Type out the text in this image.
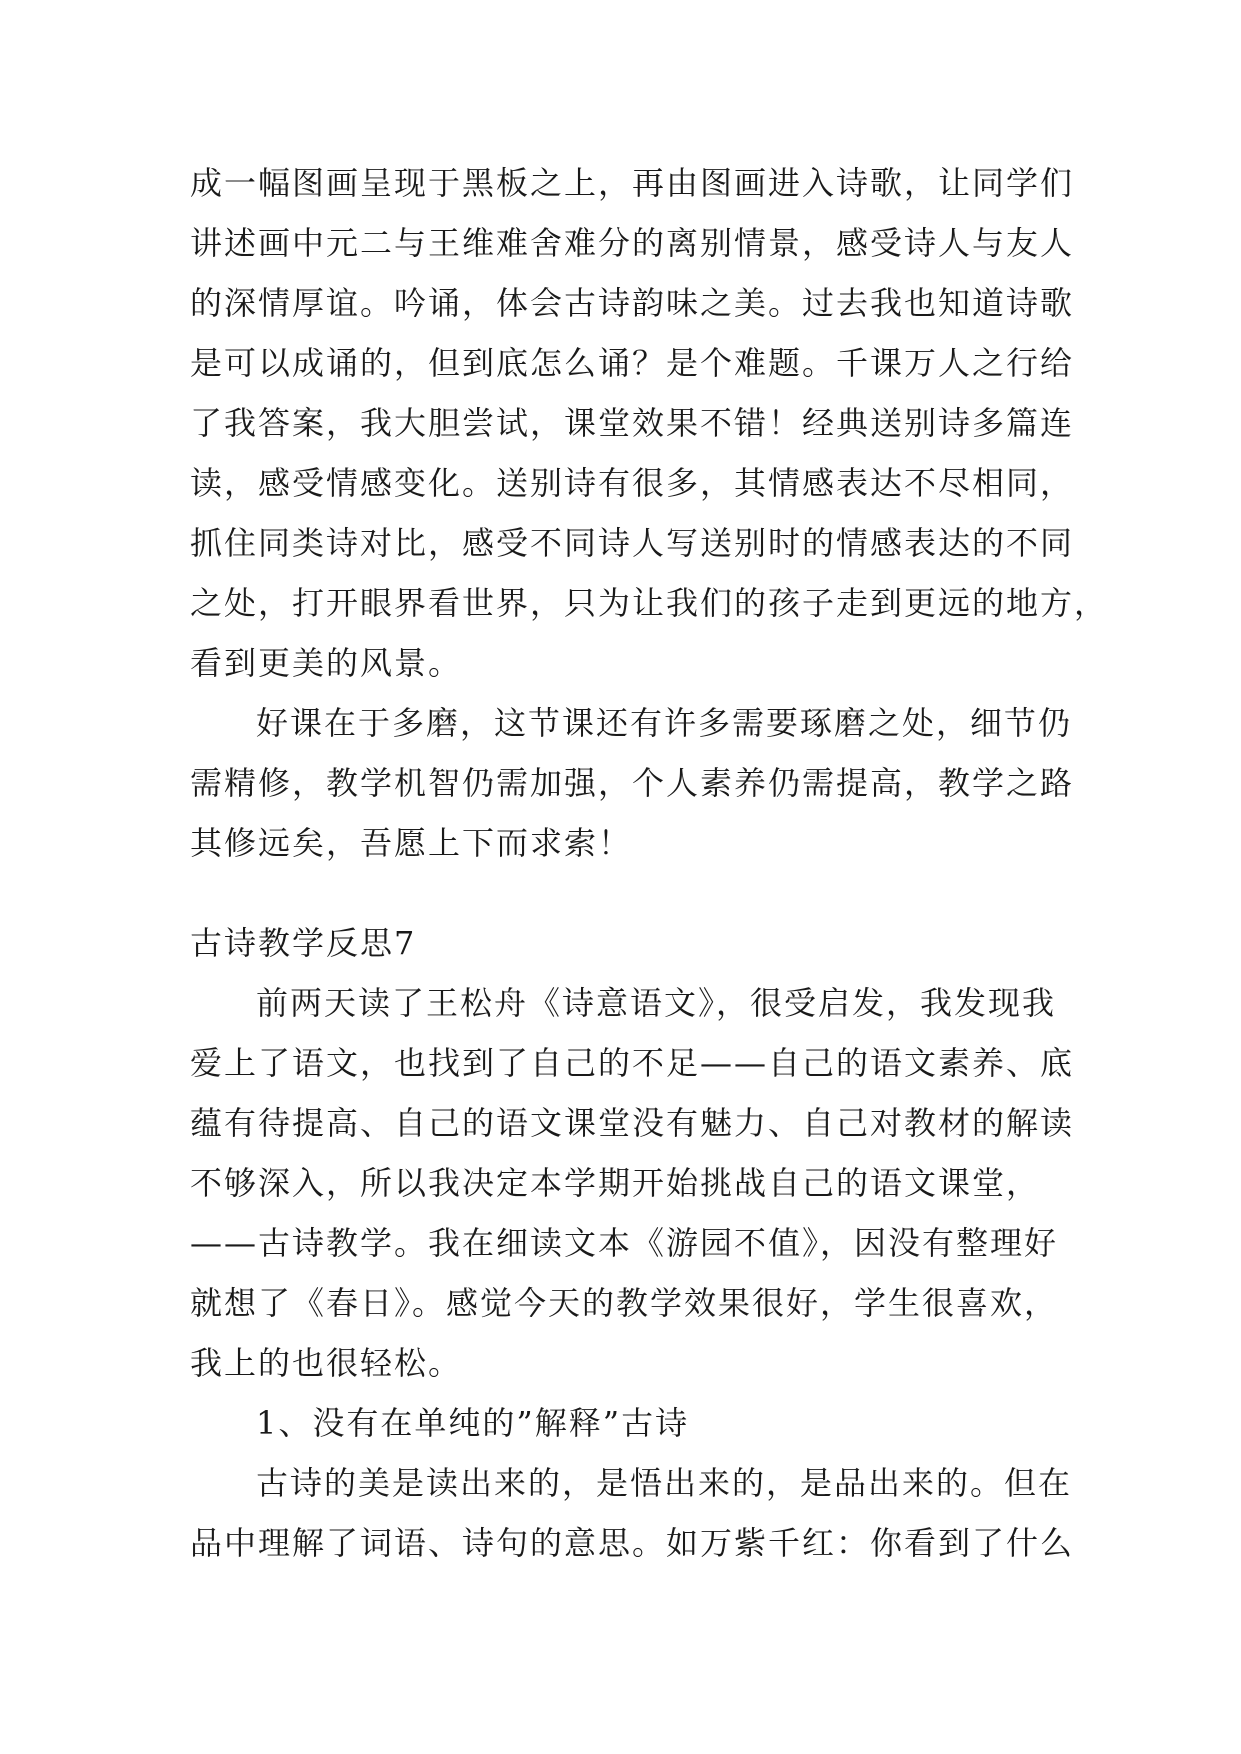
成一幅图画呈现于黑板之上，再由图画进入诗歌，让同学们
讲述画中元二与王维难舍难分的离别情景，感受诗人与友人
的深情厚谊。吟诵，体会古诗韵味之美。过去我也知道诗歌
是可以成诵的，但到底怎么诵？是个难题。千课万人之行给
了我答案，我大胆尝试，课堂效果不错！经典送别诗多篇连
读，感受情感变化。送别诗有很多，其情感表达不尽相同，
抓住同类诗对比，感受不同诗人写送别时的情感表达的不同
之处，打开眼界看世界，只为让我们的孩子走到更远的地方，
看到更美的风景。
好课在于多磨，这节课还有许多需要琢磨之处，细节仍
需精修，教学机智仍需加强，个人素养仍需提高，教学之路
其修远矣，吾愿上下而求索！
古诗教学反思7
前两天读了王松舟《诗意语文》，很受启发，我发现我
爱上了语文，也找到了自己的不足——自己的语文素养、底
蕴有待提高、自己的语文课堂没有魅力、自己对教材的解读
不够深入，所以我决定本学期开始挑战自己的语文课堂，
——古诗教学。我在细读文本《游园不值》，因没有整理好
就想了《春日》。感觉今天的教学效果很好，学生很喜欢，
我上的也很轻松。
1、没有在单纯的”解释”古诗
古诗的美是读出来的，是悟出来的，是品出来的。但在
品中理解了词语、诗句的意思。如万紫千红：你看到了什么
